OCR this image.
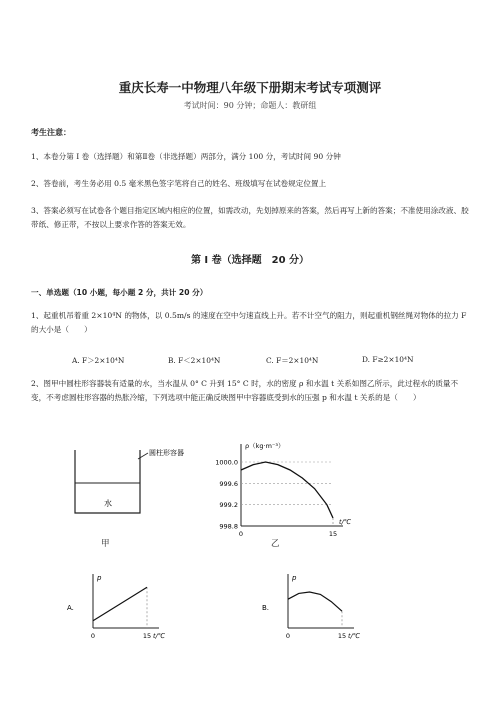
重庆长寿一中物理八年级下册期末考试专项测评
考试时间：90 分钟；命题人：教研组
考生注意：
1、本卷分第 I 卷（选择题）和第Ⅱ卷（非选择题）两部分，满分 100 分，考试时间 90 分钟
2、答卷前，考生务必用 0.5 毫米黑色签字笔将自己的姓名、班级填写在试卷规定位置上
3、答案必须写在试卷各个题目指定区域内相应的位置，如需改动，先划掉原来的答案，然后再写上新的答案；不准使用涂改液、胶带纸、修正带，不按以上要求作答的答案无效。
第 I 卷（选择题　20 分）
一、单选题（10 小题，每小题 2 分，共计 20 分）
1、起重机吊着重 2×10⁴N 的物体，以 0.5m/s 的速度在空中匀速直线上升。若不计空气的阻力，则起重机钢丝绳对物体的拉力 F 的大小是（　　）
A. F＞2×10⁴N	B. F＜2×10⁴N	C. F＝2×10⁴N	D. F≥2×10⁴N
2、图甲中圆柱形容器装有适量的水，当水温从 0° C 升到 15° C 时，水的密度 ρ 和水温 t 关系如图乙所示，此过程水的质量不变，不考虑圆柱形容器的热胀冷缩，下列选项中能正确反映图甲中容器底受到水的压强 p 和水温 t 关系的是（　　）
圆柱形容器
水
甲
ρ（kg·m⁻³）
t/℃
1000.0
999.6
999.2
998.8
0	15
乙
A.
p
t/℃
0	15
B.
p
t/℃
0	15
